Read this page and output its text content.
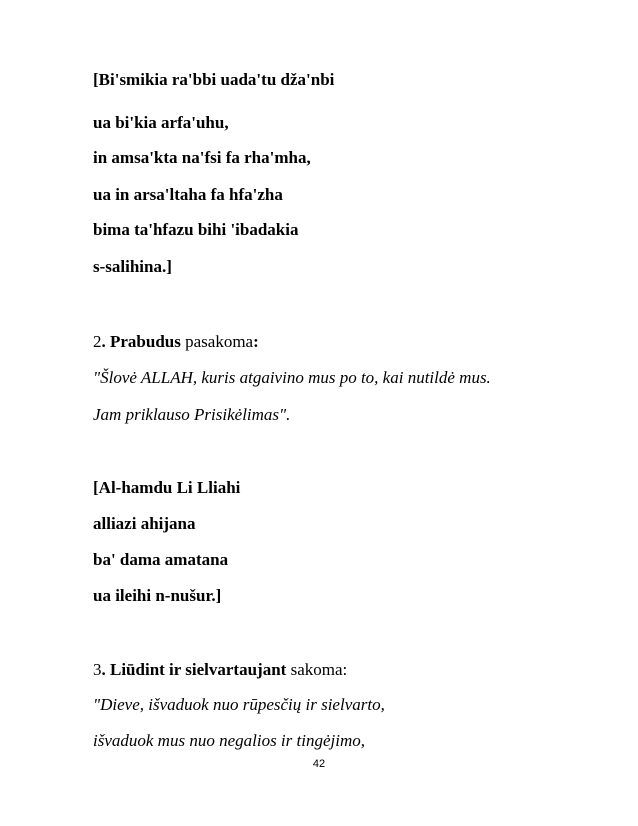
[Bi'smikia ra'bbi uada'tu dža'nbi
ua bi'kia arfa'uhu,
in amsa'kta na'fsi fa rha'mha,
ua in arsa'ltaha fa hfa'zha
bima ta'hfazu bihi 'ibadakia
s-salihina.]
2. Prabudus pasakoma:
"Šlovė ALLAH, kuris atgaivino mus po to, kai nutildė mus.
Jam priklauso Prisikėlimas".
[Al-hamdu Li Lliahi
alliazi ahijana
ba' dama amatana
ua ileihi n-nušur.]
3. Liūdint ir sielvartaujant sakoma:
"Dieve, išvaduok nuo rūpesčių ir sielvarto,
išvaduok mus nuo negalios ir tingėjimo,
42
